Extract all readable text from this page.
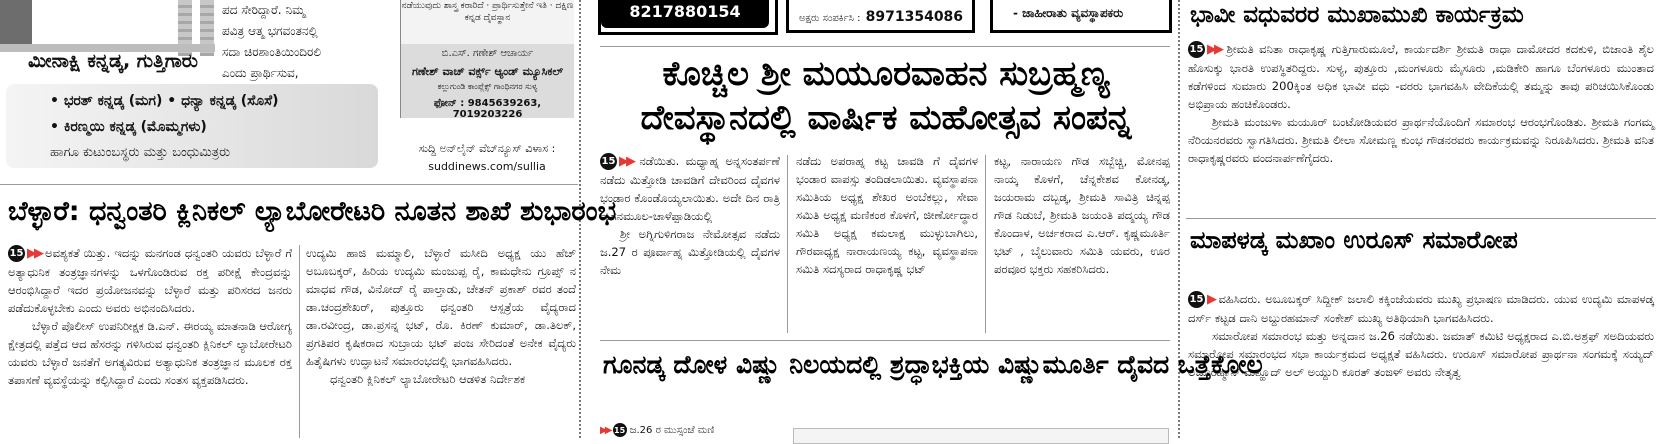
ಪದ ಸೇರಿದ್ದಾರೆ. ನಿಮ್ಮ
ಪವಿತ್ರ ಆತ್ಮ ಭಗವಂತನಲ್ಲಿ
ಸದಾ ಚಿರಶಾಂತಿಯಿಂದಿರಲಿ
ಎಂದು ಪ್ರಾರ್ಥಿಸುವ,
ಮೀನಾಕ್ಷಿ ಕನ್ನಡ್ಕ, ಗುತ್ತಿಗಾರು
• ಭರತ್ ಕನ್ನಡ್ಕ (ಮಗ) • ಧನ್ಯಾ ಕನ್ನಡ್ಕ (ಸೊಸೆ)
• ಕಿರಣ್ಮಯಿ ಕನ್ನಡ್ಕ (ಮೊಮ್ಮಗಳು)
ಹಾಗೂ ಕುಟುಂಬಸ್ಥರು ಮತ್ತು ಬಂಧುಮಿತ್ರರು
ನಡೆಯುವುದು ಶಾಸ್ತ್ರ ಕರಾರಿದೆ · ಪ್ರಾರ್ಥಿಸುತ್ತೇನೆ ಇತಿ · ದಕ್ಷಿಣ ಕನ್ನಡ ದೈವಸ್ಥಾನ
ಬಿ.ಎಸ್. ಗಣೇಶ್ ಆಚಾರ್ಯ
ಗಣೇಶ್ ವಾಚ್ ವರ್ಕ್ಸ್ ಆ್ಯಂಡ್ ಮ್ಯೂಸಿಕಲ್
ಕಲ್ಲುಗುಂಡಿ ಕಾಂಪ್ಲೆಕ್ಸ್ ಗಾಂಧಿನಗರ ಸುಳ್ಯ
ಫೋನ್ : 9845639263, 7019203226
ಸುದ್ದಿ ಅನ್‌ಲೈನ್ ವೆಬ್‌ನ್ಯೂಸ್ ವಿಳಾಸ :
suddinews.com/sullia
8217880154	ಅಕ್ಷರು ಸಂಪರ್ಕಿಸಿ : 8971354086	- ಜಾಹೀರಾತು ವ್ಯವಸ್ಥಾಪಕರು
ಬೆಳ್ಳಾರೆ: ಧನ್ವಂತರಿ ಕ್ಲಿನಿಕಲ್ ಲ್ಯಾಬೋರೇಟರಿ ನೂತನ ಶಾಖೆ ಶುಭಾರಂಭ
15 ▶▶ ಅವಶ್ಯಕತೆ ಯಿತ್ತು. ಇದನ್ನು ಮನಗಂಡ ಧನ್ವಂತರಿ ಯವರು ಬೆಳ್ಳಾರೆ ಗೆ ಅತ್ಯಾಧುನಿಕ ತಂತ್ರಜ್ಞಾನಗಳನ್ನು ಒಳಗೊಂಡಿರುವ ರಕ್ತ ಪರೀಕ್ಷೆ ಕೇಂದ್ರವನ್ನು ಆರಂಭಿಸಿದ್ದಾರೆ ಇದರ ಪ್ರಯೋಜನವನ್ನು ಬೆಳ್ಳಾರೆ ಮತ್ತು ಪರಿಸರದ ಜನರು ಪಡೆದುಕೊಳ್ಳಬೇಕು ಎಂದು ಅವರು ಅಭಿನಂದಿಸಿದರು.
ಬೆಳ್ಳಾರೆ ಪೊಲೀಸ್ ಉಪನಿರೀಕ್ಷಕ ಡಿ.ಎನ್. ಈರಯ್ಯ ಮಾತನಾಡಿ ಆರೋಗ್ಯ ಕ್ಷೇತ್ರದಲ್ಲಿ ಪತ್ತೆದ ಆದ ಹೆಸರನ್ನು ಗಳಿಸಿರುವ ಧನ್ವಂತರಿ ಕ್ಲಿನಿಕಲ್ ಲ್ಯಾಬೋರೇಟರಿ ಯವರು ಬೆಳ್ಳಾರೆ ಜನತೆಗೆ ಅಗತ್ಯವಿರುವ ಅತ್ಯಾಧುನಿಕ ತಂತ್ರಜ್ಞಾನ ಮೂಲಕ ರಕ್ತ ತಪಾಸಣೆ ವ್ಯವಸ್ಥೆಯನ್ನು ಕಲ್ಪಿಸಿದ್ದಾರೆ ಎಂದು ಸಂತಸ ವ್ಯಕ್ತಪಡಿಸಿದರು.
ಉದ್ಯಮಿ ಹಾಜಿ ಮಮ್ಮಾಲಿ, ಬೆಳ್ಳಾರೆ ಮಸೀದಿ ಅಧ್ಯಕ್ಷ ಯು ಹೆಚ್ ಅಬೂಬಕ್ಕರ್, ಹಿರಿಯ ಉದ್ಯಮಿ ಮಂಜುಪ್ಪ ರೈ, ಕಾಮಧೇನು ಗ್ರೂಪ್ಸ್ ನ ಮಾಧವ ಗೌಡ, ವಿನೋದ್ ರೈ ಪಾಲ್ತಾಡು, ಚೇತನ್ ಪ್ರಕಾಶ್ ರವರ ತಂದೆ ಡಾ.ಚಂದ್ರಶೇಖರ್, ಪುತ್ತೂರು ಧನ್ವಂತರಿ ಆಸ್ಪತ್ರೆಯ ವೈದ್ಯರಾದ ಡಾ.ರವೀಂದ್ರ, ಡಾ.ಪ್ರಸನ್ನ ಭಟ್, ರೊ. ಕಿರಣ್ ಕುಮಾರ್, ಡಾ.ತಿಲಕ್, ಪ್ರಗತಿಪರ ಕೃಷಿಕರಾದ ಸುಬ್ರಾಯ ಭಟ್ ಪಂಜ ಸೇರಿದಂತೆ ಅನೇಕ ವೈದ್ಯರು ಹಿತೈಷಿಗಳು ಉದ್ಘಾಟನೆ ಸಮಾರಂಭದಲ್ಲಿ ಭಾಗವಹಿಸಿದರು.
ಧನ್ವಂತರಿ ಕ್ಲಿನಿಕಲ್ ಲ್ಯಾಬೋರೇಟರಿ ಆಡಳಿತ ನಿರ್ದೇಶಕ
ಕೊಚ್ಚಿಲ ಶ್ರೀ ಮಯೂರವಾಹನ ಸುಬ್ರಹ್ಮಣ್ಯ
ದೇವಸ್ಥಾನದಲ್ಲಿ ವಾರ್ಷಿಕ ಮಹೋತ್ಸವ ಸಂಪನ್ನ
15 ▶▶ ನಡೆಯಿತು. ಮಧ್ಯಾಹ್ನ ಅನ್ನಸಂತರ್ಪಣೆ ನಡೆದು ಮಿತ್ತೋಡಿ ಚಾವಡಿಗೆ ದೇವರಿಂದ ದೈವಗಳ ಭಂಡಾರ ಕೊಂಡೊಯ್ಯಲಾಯಿತು. ಅದೇ ದಿನ ರಾತ್ರಿ ನಾಗನಮೂಲ-ಚಾಳೆಪ್ಪಾಡಿಯಲ್ಲಿ
ಶ್ರೀ ಅಗ್ನಿಗುಳಿಗರಾಜ ನೇಮೋತ್ಸವ ನಡೆದು ಜ.27 ರ ಪೂರ್ವಾಹ್ನ ಮಿತ್ತೋಡಿಯಲ್ಲಿ ದೈವಗಳ ನೇಮ
ನಡೆದು ಅಪರಾಹ್ನ ಕಟ್ಟ ಚಾವಡಿ ಗೆ ದೈವಗಳ ಭಂಡಾರ ವಾಪಸ್ಸು ತಂದಿಡಲಾಯಿತು. ವ್ಯವಸ್ಥಾಪನಾ ಸಮಿತಿಯ ಅಧ್ಯಕ್ಷ ಶೇಖರ ಅಂಬೆಕಲ್ಲು, ಸೇವಾ ಸಮಿತಿ ಅಧ್ಯಕ್ಷ ಮಣಿಕಂಠ ಕೊಳಗೆ, ಜೀರ್ಣೋದ್ಧಾರ ಸಮಿತಿ ಅಧ್ಯಕ್ಷ ಕಮಲಾಕ್ಷ ಮುಳ್ಳುಬಾಗಿಲು, ಗೌರವಾಧ್ಯಕ್ಷ ನಾರಾಯಣಯ್ಯ ಕಟ್ಟ, ವ್ಯವಸ್ಥಾಪನಾ ಸಮಿತಿ ಸದಸ್ಯರಾದ ರಾಧಾಕೃಷ್ಣ ಭಟ್
ಕಟ್ಟ, ನಾರಾಯಣ ಗೌಡ ಸಬ್ಬೆಚ್ಚಿ, ಮೋನಪ್ಪ ನಾಯ್ಕ ಕೊಳಗೆ, ಚೆನ್ನಕೇಶವ ಕೋನಡ್ಕ, ಜಯರಾಮ ದಬ್ಬಡ್ಕ, ಶ್ರೀಮತಿ ಸಾವಿತ್ರಿ ಚಿನ್ನಪ್ಪ ಗೌಡ ನಿಡುಬೆ, ಶ್ರೀಮತಿ ಜಯಂತಿ ಪದ್ಮಯ್ಯ ಗೌಡ ಕೊಂದಾಳ, ಅರ್ಚಕರಾದ ಎ.ಆರ್. ಕೃಷ್ಣಮೂರ್ತಿ ಭಟ್ , ಬೈಲುವಾರು ಸಮಿತಿ ಯವರು, ಊರ ಪರವೂರ ಭಕ್ತರು ಸಹಕರಿಸಿದರು.
ಗೂನಡ್ಕ ದೋಳ ವಿಷ್ಣು ನಿಲಯದಲ್ಲಿ ಶ್ರದ್ಧಾಭಕ್ತಿಯ ವಿಷ್ಣುಮೂರ್ತಿ ದೈವದ ಒತ್ತೆಕೋಲ
▶▶ 15 ಜ.26 ರ ಮುಸ್ಸಂಜೆ ಮಣಿ
ಭಾವೀ ವಧುವರರ ಮುಖಾಮುಖಿ ಕಾರ್ಯಕ್ರಮ
15 ▶▶ ಶ್ರೀಮತಿ ವನಿತಾ ರಾಧಾಕೃಷ್ಣ ಗುತ್ತಿಗಾರುಮೂಲೆ, ಕಾರ್ಯದರ್ಶಿ ಶ್ರೀಮತಿ ರಾಧಾ ದಾಮೋದರ ಕದಕುಳಿ, ಬಿಜಾಂತಿ ಶೈಲ ಹೊಸುಕ್ಕು ಭಾರತಿ ಉಪಸ್ಥಿತರಿದ್ದರು. ಸುಳ್ಯ, ಪುತ್ತೂರು ,ಮಂಗಳೂರು ಮೈಸೂರು ,ಮಡಿಕೇರಿ ಹಾಗೂ ಬೆಂಗಳೂರು ಮುಂತಾದ ಕಡೆಗಳಿಂದ ಸುಮಾರು 200ಕ್ಕಿಂತ ಅಧಿಕ ಭಾವೀ ವಧು -ವರರು ಭಾಗವಹಿಸಿ ವೇದಿಕೆಯಲ್ಲಿ ತಮ್ಮನ್ನು ತಾವು ಪರಿಚಯಿಸಿಕೊಂಡು ಅಭಿಪ್ರಾಯ ಹಂಚಿಕೊಂಡರು.
ಶ್ರೀಮತಿ ಮಂಜುಳಾ ಮಯೂರ್ ಬಂಟೋಡಿಯವರ ಪ್ರಾರ್ಥನೆಯೊಂದಿಗೆ ಸಮಾರಂಭ ಆರಂಭಗೊಂಡಿತು. ಶ್ರೀಮತಿ ಗಂಗಮ್ಮ ನೆರಿಯನರವರು ಸ್ವಾಗತಿಸಿದರು. ಶ್ರೀಮತಿ ಲೀಲಾ ಸೋಮಣ್ಣ ಕುಂಭ ಗೌಡನರವರು ಕಾರ್ಯಕ್ರಮವನ್ನು ನಿರೂಪಿಸಿದರು. ಶ್ರೀಮತಿ ವನಿತ ರಾಧಾಕೃಷ್ಣರವರು ವಂದನಾರ್ಪಣೆಗೈದರು.
ಮಾಪಳಡ್ಕ ಮಖಾಂ ಉರೂಸ್ ಸಮಾರೋಪ
15 ▶ ವಹಿಸಿದರು. ಅಬೂಬಕ್ಕರ್ ಸಿದ್ದೀಕ್ ಜಲಾಲಿ ಕಕ್ಕಿಂಜೆಯವರು ಮುಖ್ಯ ಪ್ರಭಾಷಣ ಮಾಡಿದರು. ಯುವ ಉದ್ಯಮಿ ಮಾಪಳಡ್ಕ ದರ್ಸ್ ಕಟ್ಟಡ ದಾನಿ ಅಬ್ದುರಹಮಾನ್ ಸಂಕೇಶ್ ಮುಖ್ಯ ಅತಿಥಿಯಾಗಿ ಭಾಗವಹಿಸಿದರು.
ಸಮಾರೋಪ ಸಮಾರಂಭ ಮತ್ತು ಅನ್ನದಾನ ಜ.26 ನಡೆಯಿತು. ಜಮಾತ್ ಕಮಿಟಿ ಅಧ್ಯಕ್ಷರಾದ ಎ.ಬಿ.ಅಶ್ರಫ್ ಸಅದಿಯವರು ಸಮಾರೋಪ ಸಮಾರಂಭದ ಸಭಾ ಕಾರ್ಯಕ್ರಮದ ಅಧ್ಯಕ್ಷತೆ ವಹಿಸಿದರು. ಉರೂಸ್ ಸಮಾರೋಪ ಪ್ರಾರ್ಥನಾ ಸಂಗಮಕ್ಕೆ ಸಯ್ಯದ್ ಅಬೂರಹ್ಮಾನ್ ಮಶ್ಹೂದ್ ಅಲ್ ಅಯ್ದುರಿ ಕೂರತ್ ತಂಙಳ್ ಅವರು ನೇತೃತ್ವ
